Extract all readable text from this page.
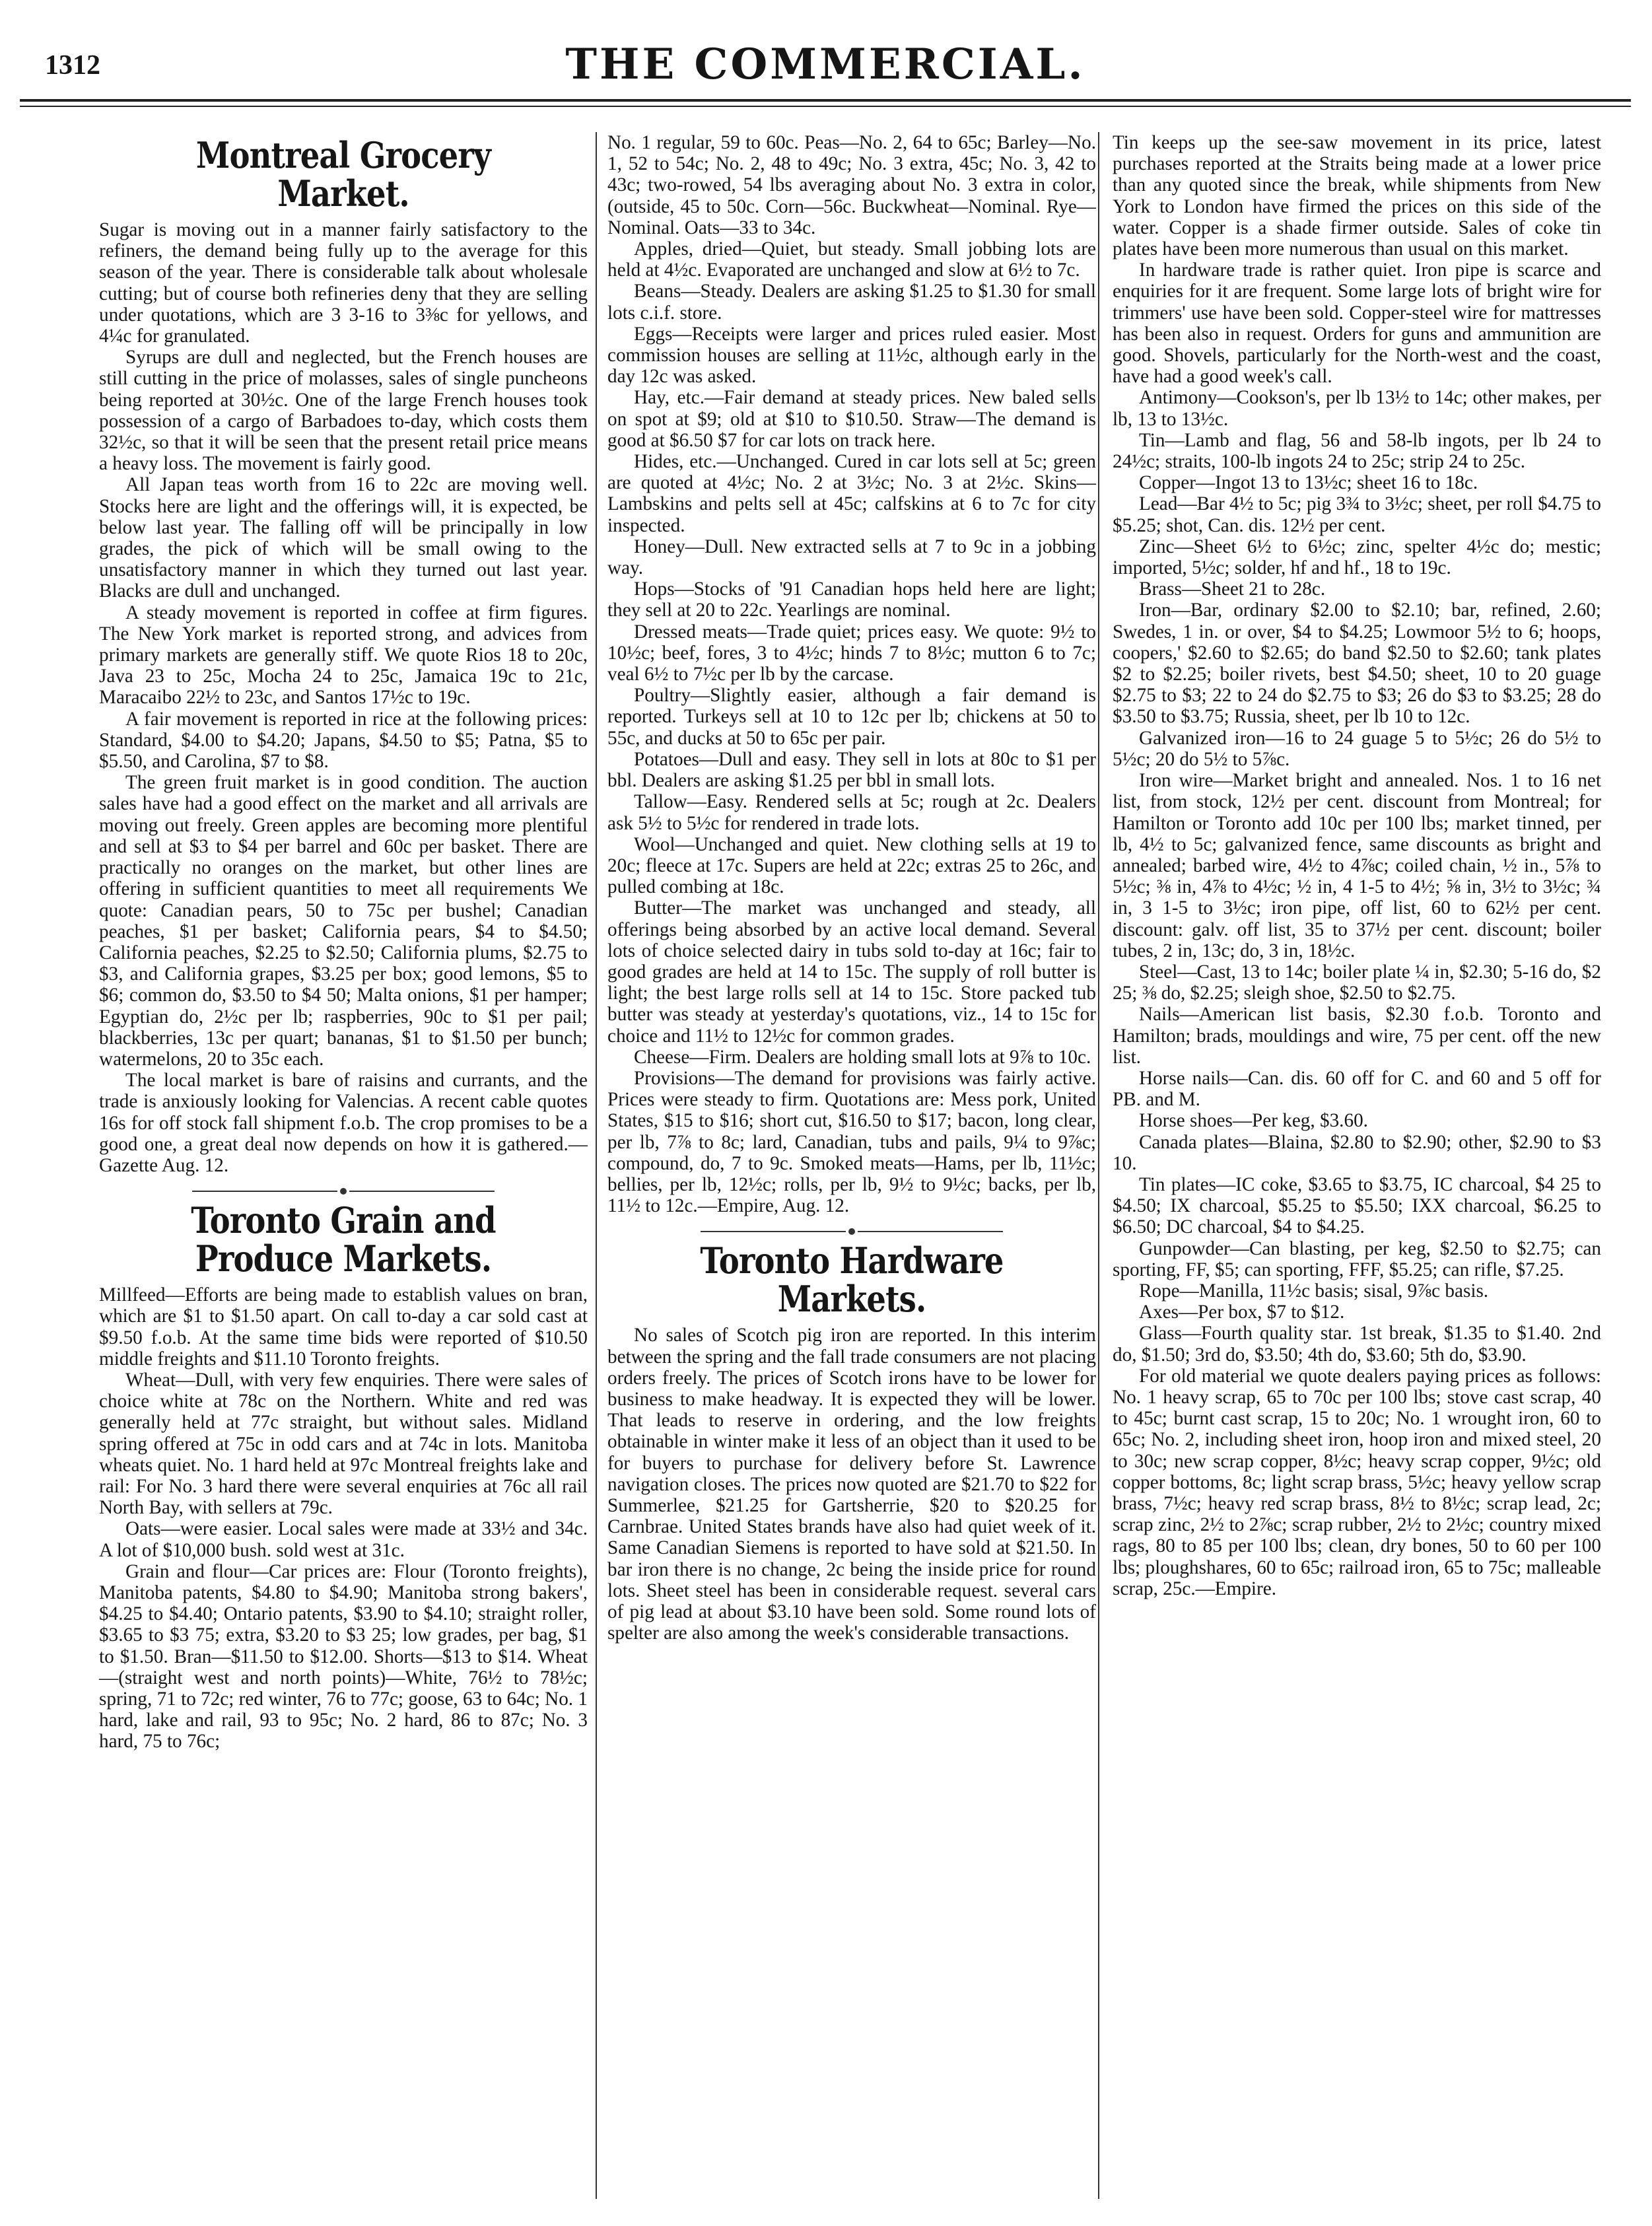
1312	THE COMMERCIAL.
Montreal Grocery Market.

Sugar is moving out in a manner fairly satisfactory to the refiners, the demand being fully up to the average for this season of the year. There is considerable talk about wholesale cutting; but of course both refineries deny that they are selling under quotations, which are 3 3-16 to 3⅜c for yellows, and 4¼c for granulated.

Syrups are dull and neglected, but the French houses are still cutting in the price of molasses, sales of single puncheons being reported at 30½c. One of the large French houses took possession of a cargo of Barbadoes to-day, which costs them 32½c, so that it will be seen that the present retail price means a heavy loss. The movement is fairly good.

All Japan teas worth from 16 to 22c are moving well. Stocks here are light and the offerings will, it is expected, be below last year. The falling off will be principally in low grades, the pick of which will be small owing to the unsatisfactory manner in which they turned out last year. Blacks are dull and unchanged.

A steady movement is reported in coffee at firm figures. The New York market is reported strong, and advices from primary markets are generally stiff. We quote Rios 18 to 20c, Java 23 to 25c, Mocha 24 to 25c, Jamaica 19c to 21c, Maracaibo 22½ to 23c, and Santos 17½c to 19c.

A fair movement is reported in rice at the following prices: Standard, $4.00 to $4.20; Japans, $4.50 to $5; Patna, $5 to $5.50, and Carolina, $7 to $8.

The green fruit market is in good condition. The auction sales have had a good effect on the market and all arrivals are moving out freely. Green apples are becoming more plentiful and sell at $3 to $4 per barrel and 60c per basket. There are practically no oranges on the market, but other lines are offering in sufficient quantities to meet all requirements We quote: Canadian pears, 50 to 75c per bushel; Canadian peaches, $1 per basket; California pears, $4 to $4.50; California peaches, $2.25 to $2.50; California plums, $2.75 to $3, and California grapes, $3.25 per box; good lemons, $5 to $6; common do, $3.50 to $4 50; Malta onions, $1 per hamper; Egyptian do, 2½c per lb; raspberries, 90c to $1 per pail; blackberries, 13c per quart; bananas, $1 to $1.50 per bunch; watermelons, 20 to 35c each.

The local market is bare of raisins and currants, and the trade is anxiously looking for Valencias. A recent cable quotes 16s for off stock fall shipment f.o.b. The crop promises to be a good one, a great deal now depends on how it is gathered.—Gazette Aug. 12.

Toronto Grain and Produce Markets.

Millfeed—Efforts are being made to establish values on bran, which are $1 to $1.50 apart. On call to-day a car sold cast at $9.50 f.o.b. At the same time bids were reported of $10.50 middle freights and $11.10 Toronto freights.

Wheat—Dull, with very few enquiries. There were sales of choice white at 78c on the Northern. White and red was generally held at 77c straight, but without sales. Midland spring offered at 75c in odd cars and at 74c in lots. Manitoba wheats quiet. No. 1 hard held at 97c Montreal freights lake and rail: For No. 3 hard there were several enquiries at 76c all rail North Bay, with sellers at 79c.

Oats—were easier. Local sales were made at 33½ and 34c. A lot of $10,000 bush. sold west at 31c.

Grain and flour—Car prices are: Flour (Toronto freights), Manitoba patents, $4.80 to $4.90; Manitoba strong bakers', $4.25 to $4.40; Ontario patents, $3.90 to $4.10; straight roller, $3.65 to $3 75; extra, $3.20 to $3 25; low grades, per bag, $1 to $1.50. Bran—$11.50 to $12.00. Shorts—$13 to $14. Wheat—(straight west and north points)—White, 76½ to 78½c; spring, 71 to 72c; red winter, 76 to 77c; goose, 63 to 64c; No. 1 hard, lake and rail, 93 to 95c; No. 2 hard, 86 to 87c; No. 3 hard, 75 to 76c;

No. 1 regular, 59 to 60c. Peas—No. 2, 64 to 65c; Barley—No. 1, 52 to 54c; No. 2, 48 to 49c; No. 3 extra, 45c; No. 3, 42 to 43c; two-rowed, 54 lbs averaging about No. 3 extra in color, (outside, 45 to 50c. Corn—56c. Buckwheat—Nominal. Rye—Nominal. Oats—33 to 34c.

Apples, dried—Quiet, but steady. Small jobbing lots are held at 4½c. Evaporated are unchanged and slow at 6½ to 7c.

Beans—Steady. Dealers are asking $1.25 to $1.30 for small lots c.i.f. store.

Eggs—Receipts were larger and prices ruled easier. Most commission houses are selling at 11½c, although early in the day 12c was asked.

Hay, etc.—Fair demand at steady prices. New baled sells on spot at $9; old at $10 to $10.50. Straw—The demand is good at $6.50 $7 for car lots on track here.

Hides, etc.—Unchanged. Cured in car lots sell at 5c; green are quoted at 4½c; No. 2 at 3½c; No. 3 at 2½c. Skins—Lambskins and pelts sell at 45c; calfskins at 6 to 7c for city inspected.

Honey—Dull. New extracted sells at 7 to 9c in a jobbing way.

Hops—Stocks of '91 Canadian hops held here are light; they sell at 20 to 22c. Yearlings are nominal.

Dressed meats—Trade quiet; prices easy. We quote: 9½ to 10½c; beef, fores, 3 to 4½c; hinds 7 to 8½c; mutton 6 to 7c; veal 6½ to 7½c per lb by the carcase.

Poultry—Slightly easier, although a fair demand is reported. Turkeys sell at 10 to 12c per lb; chickens at 50 to 55c, and ducks at 50 to 65c per pair.

Potatoes—Dull and easy. They sell in lots at 80c to $1 per bbl. Dealers are asking $1.25 per bbl in small lots.

Tallow—Easy. Rendered sells at 5c; rough at 2c. Dealers ask 5½ to 5½c for rendered in trade lots.

Wool—Unchanged and quiet. New clothing sells at 19 to 20c; fleece at 17c. Supers are held at 22c; extras 25 to 26c, and pulled combing at 18c.

Butter—The market was unchanged and steady, all offerings being absorbed by an active local demand. Several lots of choice selected dairy in tubs sold to-day at 16c; fair to good grades are held at 14 to 15c. The supply of roll butter is light; the best large rolls sell at 14 to 15c. Store packed tub butter was steady at yesterday's quotations, viz., 14 to 15c for choice and 11½ to 12½c for common grades.

Cheese—Firm. Dealers are holding small lots at 9⅞ to 10c.

Provisions—The demand for provisions was fairly active. Prices were steady to firm. Quotations are: Mess pork, United States, $15 to $16; short cut, $16.50 to $17; bacon, long clear, per lb, 7⅞ to 8c; lard, Canadian, tubs and pails, 9¼ to 9⅞c; compound, do, 7 to 9c. Smoked meats—Hams, per lb, 11½c; bellies, per lb, 12½c; rolls, per lb, 9½ to 9½c; backs, per lb, 11½ to 12c.—Empire, Aug. 12.

Toronto Hardware Markets.

No sales of Scotch pig iron are reported. In this interim between the spring and the fall trade consumers are not placing orders freely. The prices of Scotch irons have to be lower for business to make headway. It is expected they will be lower. That leads to reserve in ordering, and the low freights obtainable in winter make it less of an object than it used to be for buyers to purchase for delivery before St. Lawrence navigation closes. The prices now quoted are $21.70 to $22 for Summerlee, $21.25 for Gartsherrie, $20 to $20.25 for Carnbrae. United States brands have also had quiet week of it. Same Canadian Siemens is reported to have sold at $21.50. In bar iron there is no change, 2c being the inside price for round lots. Sheet steel has been in considerable request. several cars of pig lead at about $3.10 have been sold. Some round lots of spelter are also among the week's considerable transactions.

Tin keeps up the see-saw movement in its price, latest purchases reported at the Straits being made at a lower price than any quoted since the break, while shipments from New York to London have firmed the prices on this side of the water. Copper is a shade firmer outside. Sales of coke tin plates have been more numerous than usual on this market.

In hardware trade is rather quiet. Iron pipe is scarce and enquiries for it are frequent. Some large lots of bright wire for trimmers' use have been sold. Copper-steel wire for mattresses has been also in request. Orders for guns and ammunition are good. Shovels, particularly for the North-west and the coast, have had a good week's call.

Antimony—Cookson's, per lb 13½ to 14c; other makes, per lb, 13 to 13½c.

Tin—Lamb and flag, 56 and 58-lb ingots, per lb 24 to 24½c; straits, 100-lb ingots 24 to 25c; strip 24 to 25c.

Copper—Ingot 13 to 13½c; sheet 16 to 18c.

Lead—Bar 4½ to 5c; pig 3¾ to 3½c; sheet, per roll $4.75 to $5.25; shot, Can. dis. 12½ per cent.

Zinc—Sheet 6½ to 6½c; zinc, spelter 4½c do; mestic; imported, 5½c; solder, hf and hf., 18 to 19c.

Brass—Sheet 21 to 28c.

Iron—Bar, ordinary $2.00 to $2.10; bar, refined, 2.60; Swedes, 1 in. or over, $4 to $4.25; Lowmoor 5½ to 6; hoops, coopers,' $2.60 to $2.65; do band $2.50 to $2.60; tank plates $2 to $2.25; boiler rivets, best $4.50; sheet, 10 to 20 guage $2.75 to $3; 22 to 24 do $2.75 to $3; 26 do $3 to $3.25; 28 do $3.50 to $3.75; Russia, sheet, per lb 10 to 12c.

Galvanized iron—16 to 24 guage 5 to 5½c; 26 do 5½ to 5½c; 20 do 5½ to 5⅞c.

Iron wire—Market bright and annealed. Nos. 1 to 16 net list, from stock, 12½ per cent. discount from Montreal; for Hamilton or Toronto add 10c per 100 lbs; market tinned, per lb, 4½ to 5c; galvanized fence, same discounts as bright and annealed; barbed wire, 4½ to 4⅞c; coiled chain, ½ in., 5⅞ to 5½c; ⅜ in, 4⅞ to 4½c; ½ in, 4 1-5 to 4½; ⅝ in, 3½ to 3½c; ¾ in, 3 1-5 to 3½c; iron pipe, off list, 60 to 62½ per cent. discount: galv. off list, 35 to 37½ per cent. discount; boiler tubes, 2 in, 13c; do, 3 in, 18½c.

Steel—Cast, 13 to 14c; boiler plate ¼ in, $2.30; 5-16 do, $2 25; ⅜ do, $2.25; sleigh shoe, $2.50 to $2.75.

Nails—American list basis, $2.30 f.o.b. Toronto and Hamilton; brads, mouldings and wire, 75 per cent. off the new list.

Horse nails—Can. dis. 60 off for C. and 60 and 5 off for PB. and M.

Horse shoes—Per keg, $3.60.

Canada plates—Blaina, $2.80 to $2.90; other, $2.90 to $3 10.

Tin plates—IC coke, $3.65 to $3.75, IC charcoal, $4 25 to $4.50; IX charcoal, $5.25 to $5.50; IXX charcoal, $6.25 to $6.50; DC charcoal, $4 to $4.25.

Gunpowder—Can blasting, per keg, $2.50 to $2.75; can sporting, FF, $5; can sporting, FFF, $5.25; can rifle, $7.25.

Rope—Manilla, 11½c basis; sisal, 9⅞c basis.

Axes—Per box, $7 to $12.

Glass—Fourth quality star. 1st break, $1.35 to $1.40. 2nd do, $1.50; 3rd do, $3.50; 4th do, $3.60; 5th do, $3.90.

For old material we quote dealers paying prices as follows: No. 1 heavy scrap, 65 to 70c per 100 lbs; stove cast scrap, 40 to 45c; burnt cast scrap, 15 to 20c; No. 1 wrought iron, 60 to 65c; No. 2, including sheet iron, hoop iron and mixed steel, 20 to 30c; new scrap copper, 8½c; heavy scrap copper, 9½c; old copper bottoms, 8c; light scrap brass, 5½c; heavy yellow scrap brass, 7½c; heavy red scrap brass, 8½ to 8½c; scrap lead, 2c; scrap zinc, 2½ to 2⅞c; scrap rubber, 2½ to 2½c; country mixed rags, 80 to 85 per 100 lbs; clean, dry bones, 50 to 60 per 100 lbs; ploughshares, 60 to 65c; railroad iron, 65 to 75c; malleable scrap, 25c.—Empire.
